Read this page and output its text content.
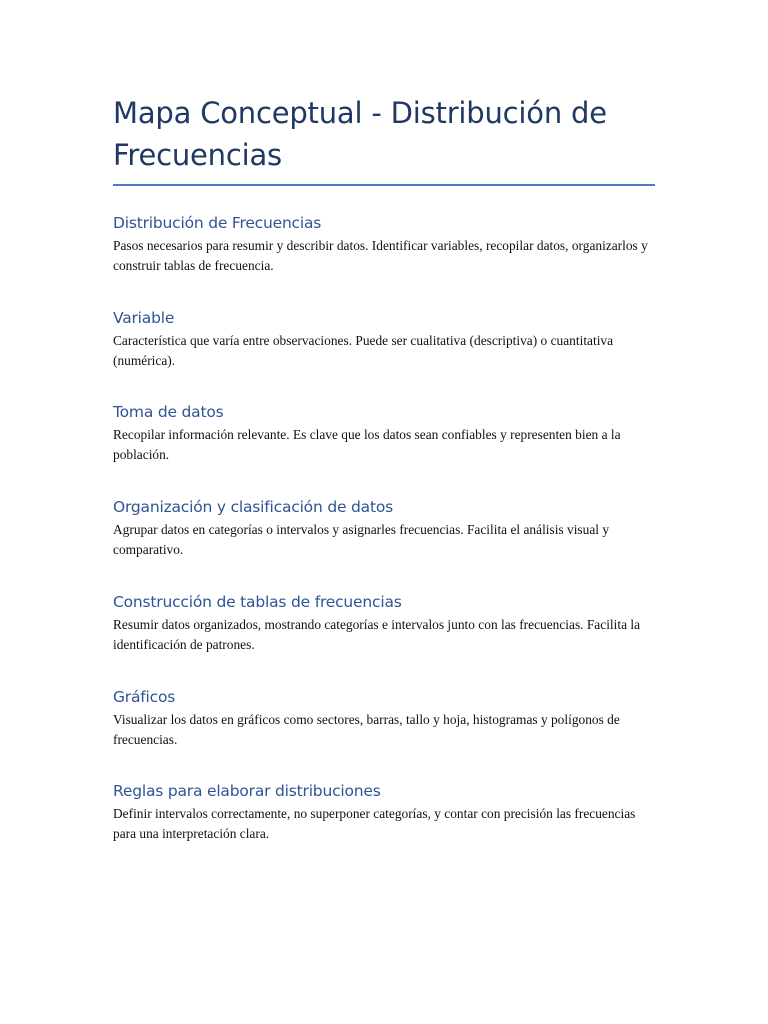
Mapa Conceptual - Distribución de Frecuencias
Distribución de Frecuencias

Pasos necesarios para resumir y describir datos. Identificar variables, recopilar datos, organizarlos y construir tablas de frecuencia.

Variable

Característica que varía entre observaciones. Puede ser cualitativa (descriptiva) o cuantitativa (numérica).

Toma de datos

Recopilar información relevante. Es clave que los datos sean confiables y representen bien a la población.

Organización y clasificación de datos

Agrupar datos en categorías o intervalos y asignarles frecuencias. Facilita el análisis visual y comparativo.

Construcción de tablas de frecuencias

Resumir datos organizados, mostrando categorías e intervalos junto con las frecuencias. Facilita la identificación de patrones.

Gráficos

Visualizar los datos en gráficos como sectores, barras, tallo y hoja, histogramas y polígonos de frecuencias.

Reglas para elaborar distribuciones

Definir intervalos correctamente, no superponer categorías, y contar con precisión las frecuencias para una interpretación clara.
